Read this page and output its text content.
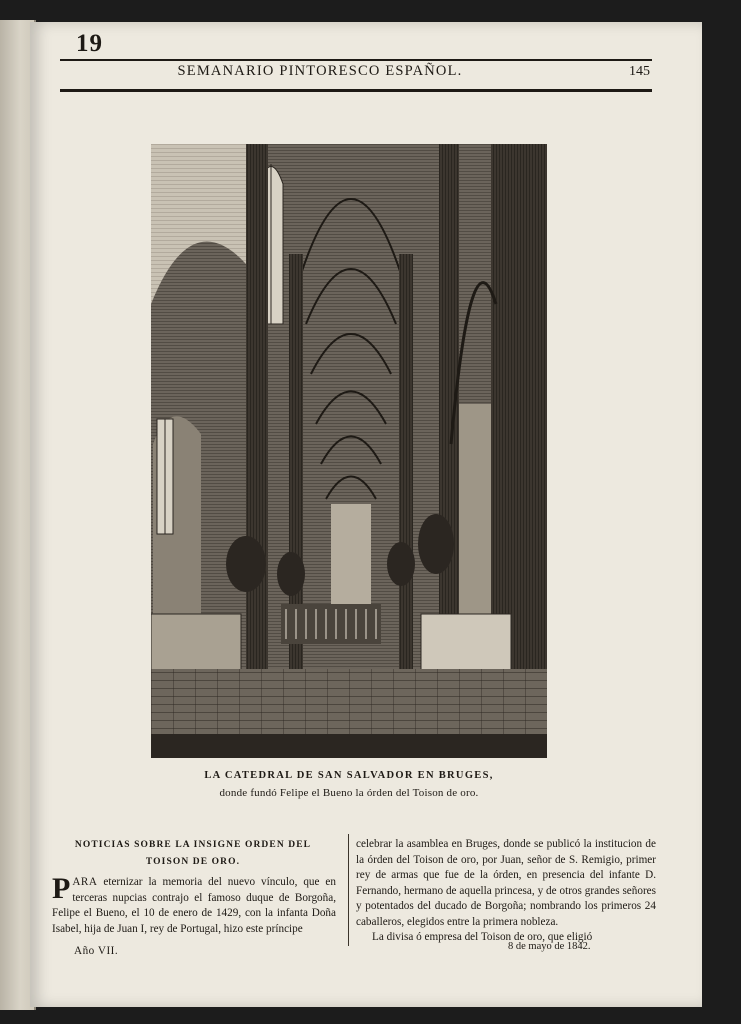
19
SEMANARIO PINTORESCO ESPAÑOL.	145
LA CATEDRAL DE SAN SALVADOR EN BRUGES,
donde fundó Felipe el Bueno la órden del Toison de oro.
NOTICIAS SOBRE LA INSIGNE ORDEN DEL TOISON DE ORO.
PARA eternizar la memoria del nuevo vínculo, que en terceras nupcias contrajo el famoso duque de Borgoña, Felipe el Bueno, el 10 de enero de 1429, con la infanta Doña Isabel, hija de Juan I, rey de Portugal, hizo este príncipe
Año VII.

celebrar la asamblea en Bruges, donde se publicó la institucion de la órden del Toison de oro, por Juan, señor de S. Remigio, primer rey de armas que fue de la órden, en presencia del infante D. Fernando, hermano de aquella princesa, y de otros grandes señores y potentados del ducado de Borgoña; nombrando los primeros 24 caballeros, elegidos entre la primera nobleza.

La divisa ó empresa del Toison de oro, que eligió

8 de mayo de 1842.
